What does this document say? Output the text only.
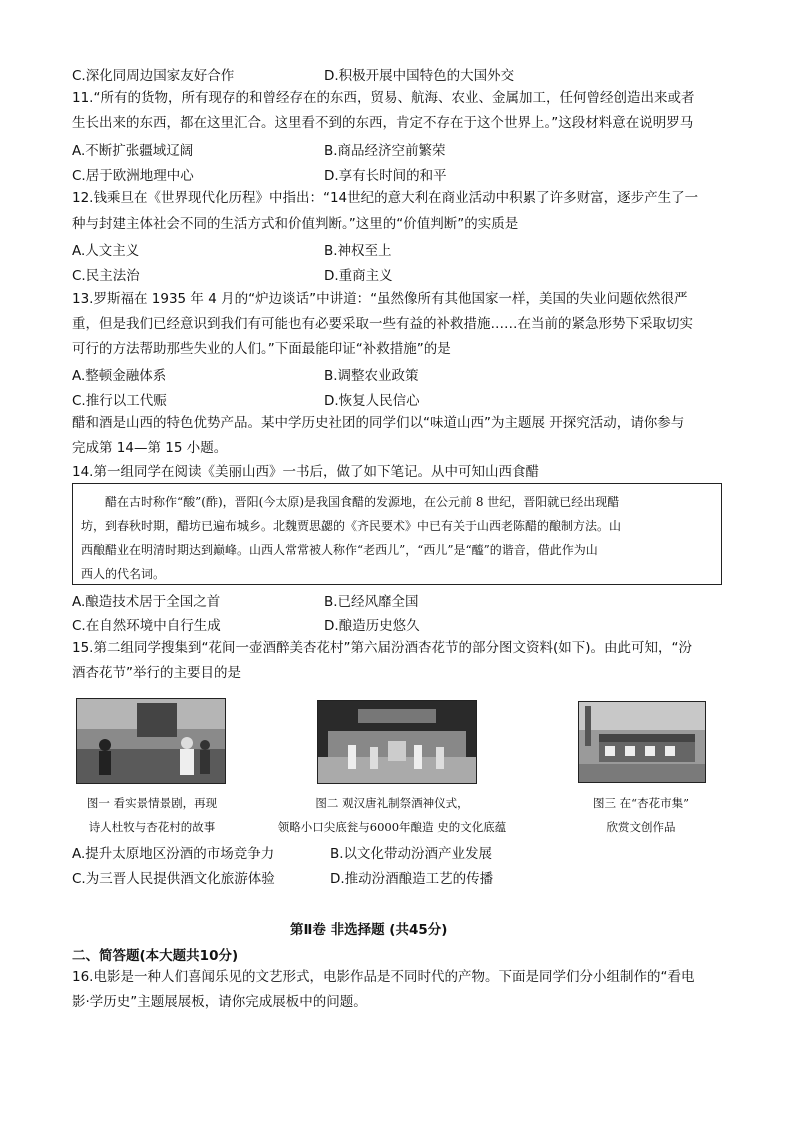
C.深化同周边国家友好合作	D.积极开展中国特色的大国外交
11.“所有的货物，所有现存的和曾经存在的东西，贸易、航海、农业、金属加工，任何曾经创造出来或者
生长出来的东西，都在这里汇合。这里看不到的东西，肯定不存在于这个世界上。”这段材料意在说明罗马
A.不断扩张疆域辽阔	B.商品经济空前繁荣
C.居于欧洲地理中心	D.享有长时间的和平
12.钱乘旦在《世界现代化历程》中指出：“14世纪的意大利在商业活动中积累了许多财富，逐步产生了一
种与封建主体社会不同的生活方式和价值判断。”这里的“价值判断”的实质是
A.人文主义	B.神权至上
C.民主法治	D.重商主义
13.罗斯福在 1935 年 4 月的“炉边谈话”中讲道：“虽然像所有其他国家一样，美国的失业问题依然很严
重，但是我们已经意识到我们有可能也有必要采取一些有益的补救措施……在当前的紧急形势下采取切实
可行的方法帮助那些失业的人们。”下面最能印证“补救措施”的是
A.整顿金融体系	B.调整农业政策
C.推行以工代赈	D.恢复人民信心
醋和酒是山西的特色优势产品。某中学历史社团的同学们以“味道山西”为主题展 开探究活动，请你参与
完成第 14—第 15 小题。
14.第一组同学在阅读《美丽山西》一书后，做了如下笔记。从中可知山西食醋

醋在古时称作“酸”(酢)，晋阳(今太原)是我国食醋的发源地，在公元前 8 世纪，晋阳就已经出现醋

坊，到春秋时期，醋坊已遍布城乡。北魏贾思勰的《齐民要术》中已有关于山西老陈醋的酿制方法。山

西酿醋业在明清时期达到巅峰。山西人常常被人称作“老西儿”，“西儿”是“醯”的谐音，借此作为山

西人的代名词。

A.酿造技术居于全国之首	B.已经风靡全国
C.在自然环境中自行生成	D.酿造历史悠久
15.第二组同学搜集到“花间一壶酒醉美杏花村”第六届汾酒杏花节的部分图文资料(如下)。由此可知，“汾
酒杏花节”举行的主要目的是
图一 看实景情景剧，再现
诗人杜牧与杏花村的故事
图二 观汉唐礼制祭酒神仪式，
领略小口尖底瓮与6000年酿造 史的文化底蕴
图三 在“杏花市集”
欣赏文创作品
A.提升太原地区汾酒的市场竞争力	B.以文化带动汾酒产业发展
C.为三晋人民提供酒文化旅游体验	D.推动汾酒酿造工艺的传播
第Ⅱ卷 非选择题 (共45分)
二、简答题(本大题共10分)
16.电影是一种人们喜闻乐见的文艺形式，电影作品是不同时代的产物。下面是同学们分小组制作的“看电
影·学历史”主题展展板，请你完成展板中的问题。
